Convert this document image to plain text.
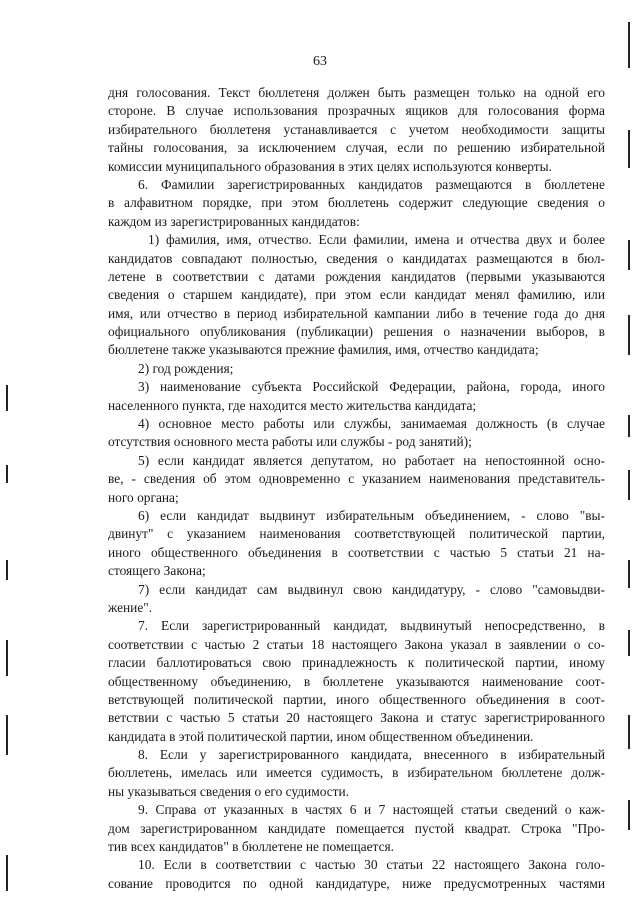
63
дня голосования. Текст бюллетеня должен быть размещен только на одной его
стороне. В случае использования прозрачных ящиков для голосования форма
избирательного бюллетеня устанавливается с учетом необходимости защиты
тайны голосования, за исключением случая, если по решению избирательной
комиссии муниципального образования в этих целях используются конверты.
6. Фамилии зарегистрированных кандидатов размещаются в бюллетене
в алфавитном порядке, при этом бюллетень содержит следующие сведения о
каждом из зарегистрированных кандидатов:
1) фамилия, имя, отчество. Если фамилии, имена и отчества двух и более
кандидатов совпадают полностью, сведения о кандидатах размещаются в бюл-
летене в соответствии с датами рождения кандидатов (первыми указываются
сведения о старшем кандидате), при этом если кандидат менял фамилию, или
имя, или отчество в период избирательной кампании либо в течение года до дня
официального опубликования (публикации) решения о назначении выборов, в
бюллетене также указываются прежние фамилия, имя, отчество кандидата;
2) год рождения;
3) наименование субъекта Российской Федерации, района, города, иного
населенного пункта, где находится место жительства кандидата;
4) основное место работы или службы, занимаемая должность (в случае
отсутствия основного места работы или службы - род занятий);
5) если кандидат является депутатом, но работает на непостоянной осно-
ве, - сведения об этом одновременно с указанием наименования представитель-
ного органа;
6) если кандидат выдвинут избирательным объединением, - слово "вы-
двинут" с указанием наименования соответствующей политической партии,
иного общественного объединения в соответствии с частью 5 статьи 21 на-
стоящего Закона;
7) если кандидат сам выдвинул свою кандидатуру, - слово "самовыдви-
жение".
7. Если зарегистрированный кандидат, выдвинутый непосредственно, в
соответствии с частью 2 статьи 18 настоящего Закона указал в заявлении о со-
гласии баллотироваться свою принадлежность к политической партии, иному
общественному объединению, в бюллетене указываются наименование соот-
ветствующей политической партии, иного общественного объединения в соот-
ветствии с частью 5 статьи 20 настоящего Закона и статус зарегистрированного
кандидата в этой политической партии, ином общественном объединении.
8. Если у зарегистрированного кандидата, внесенного в избирательный
бюллетень, имелась или имеется судимость, в избирательном бюллетене долж-
ны указываться сведения о его судимости.
9. Справа от указанных в частях 6 и 7 настоящей статьи сведений о каж-
дом зарегистрированном кандидате помещается пустой квадрат. Строка "Про-
тив всех кандидатов" в бюллетене не помещается.
10. Если в соответствии с частью 30 статьи 22 настоящего Закона голо-
сование проводится по одной кандидатуре, ниже предусмотренных частями
